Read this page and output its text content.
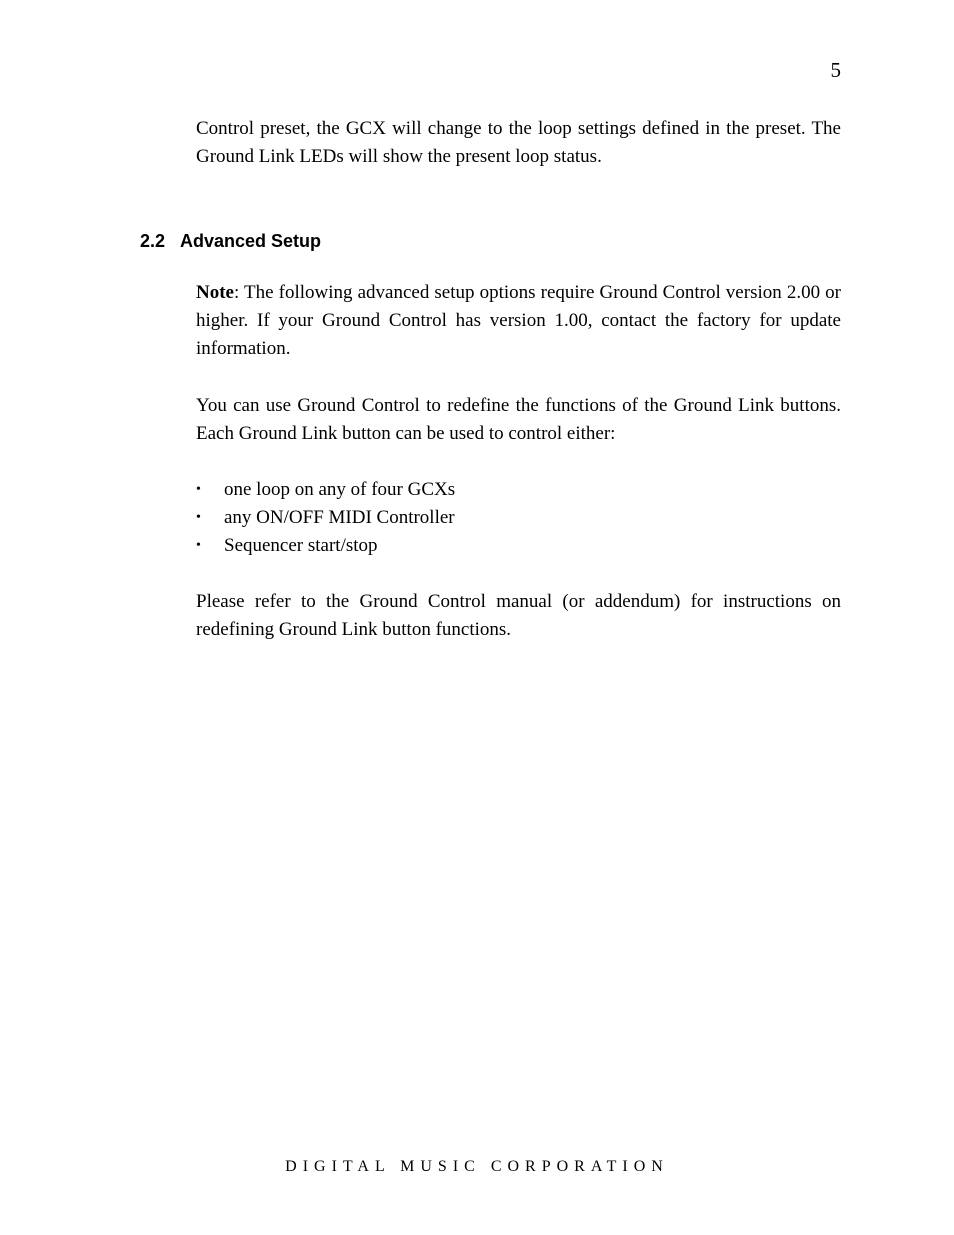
5

Control preset, the GCX will change to the loop settings defined in the preset. The Ground Link LEDs will show the present loop status.

2.2 Advanced Setup

Note: The following advanced setup options require Ground Control version 2.00 or higher. If your Ground Control has version 1.00, contact the factory for update information.

You can use Ground Control to redefine the functions of the Ground Link buttons. Each Ground Link button can be used to control either:

• one loop on any of four GCXs
• any ON/OFF MIDI Controller
• Sequencer start/stop

Please refer to the Ground Control manual (or addendum) for instructions on redefining Ground Link button functions.

DIGITAL MUSIC CORPORATION
